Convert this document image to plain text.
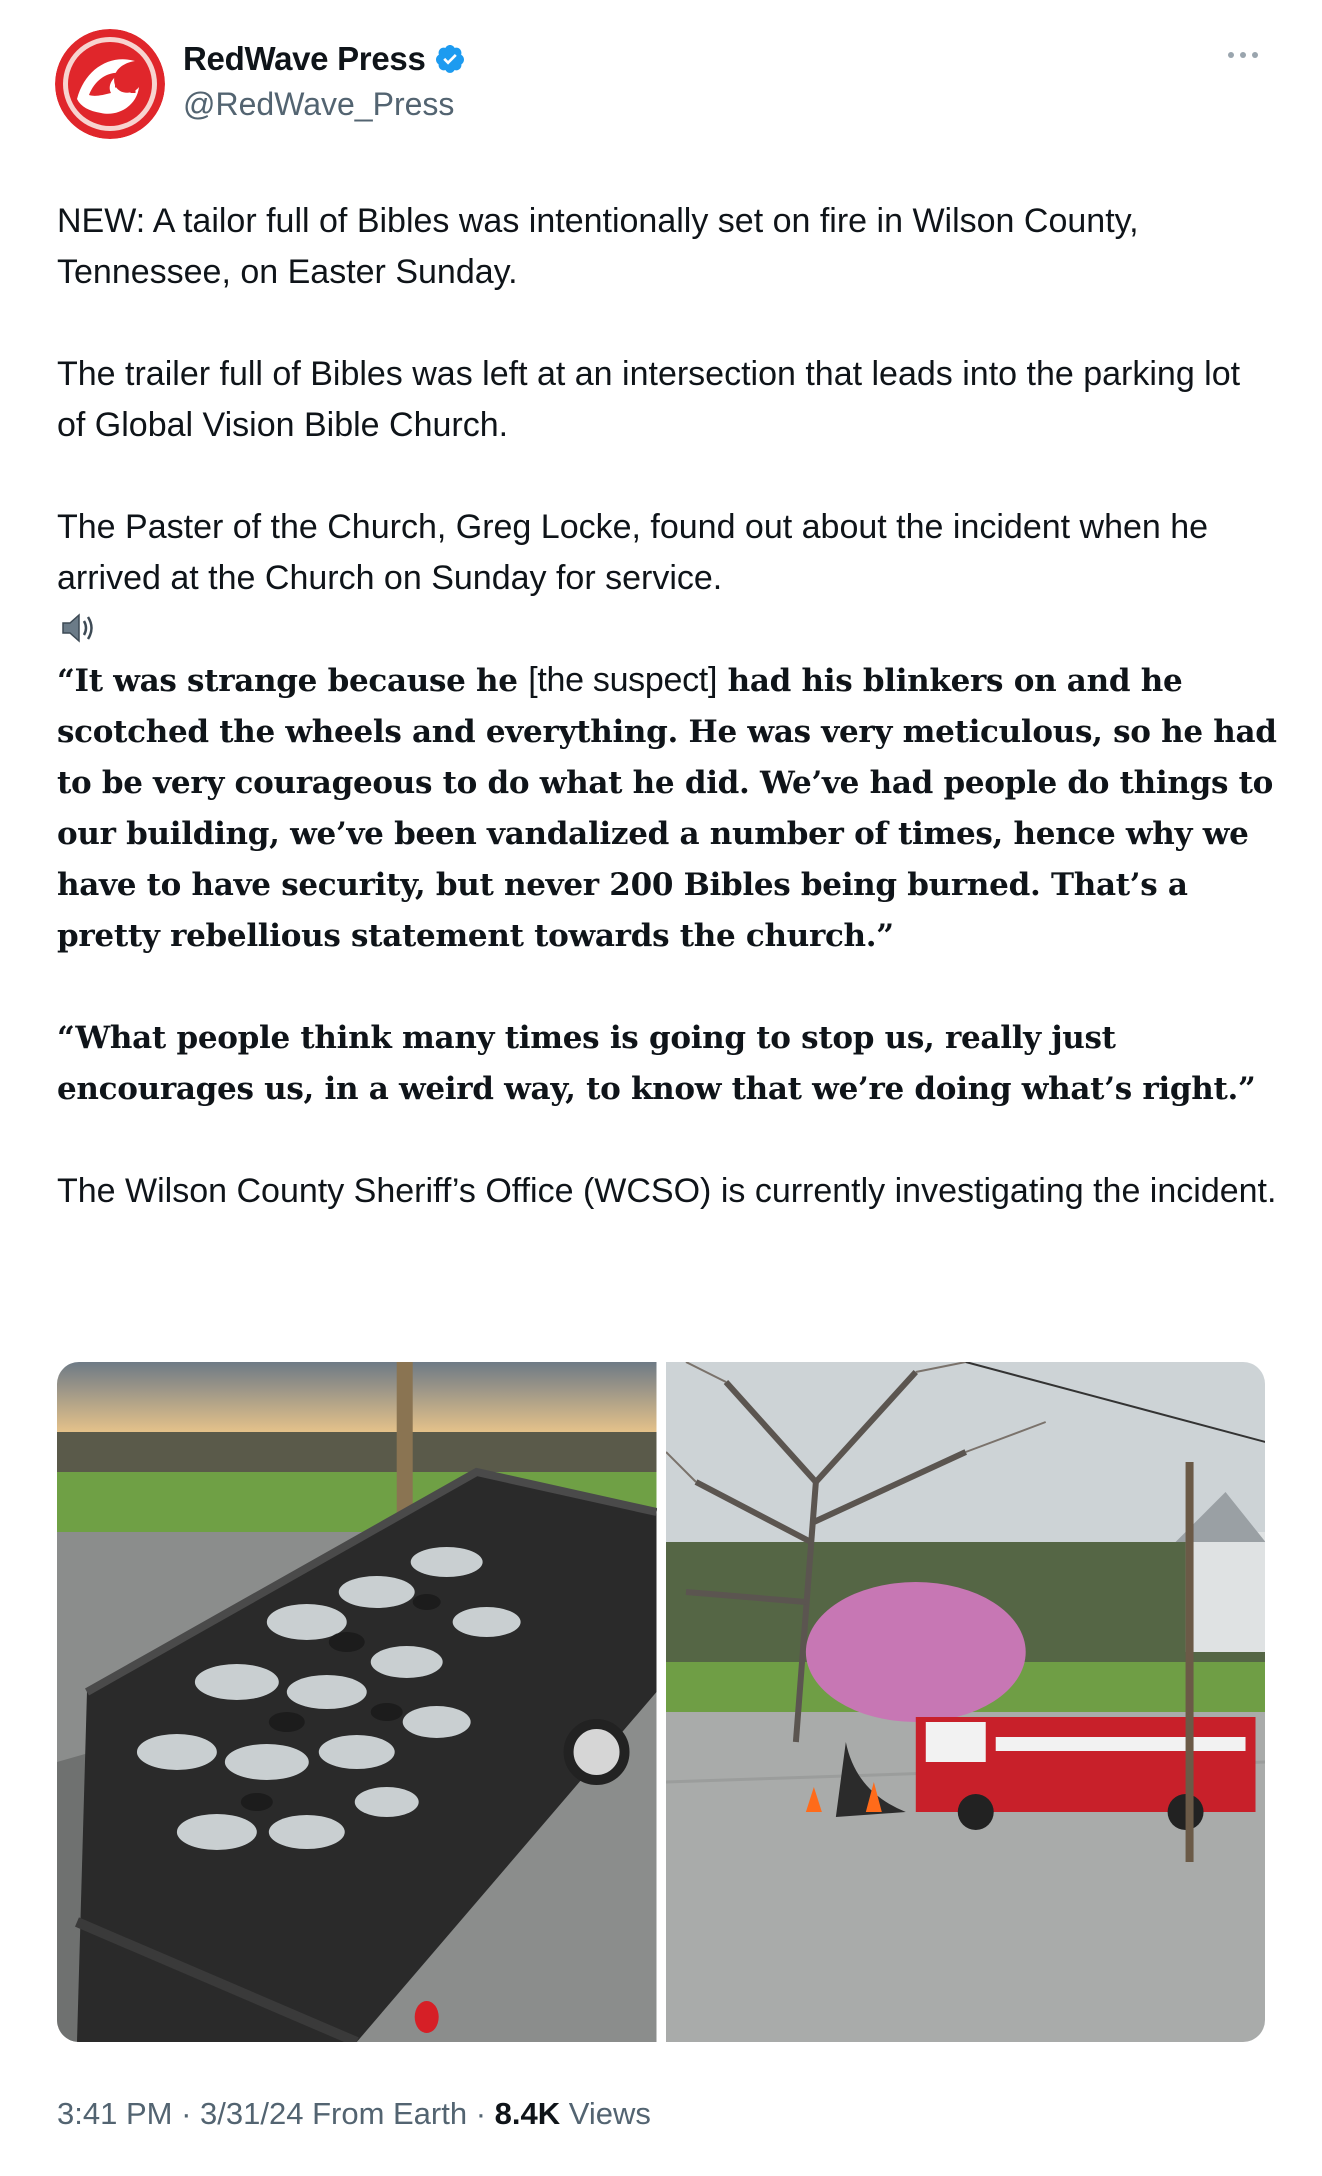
RedWave Press
@RedWave_Press

NEW: A tailor full of Bibles was intentionally set on fire in Wilson County, Tennessee, on Easter Sunday.

The trailer full of Bibles was left at an intersection that leads into the parking lot of Global Vision Bible Church.

The Paster of the Church, Greg Locke, found out about the incident when he arrived at the Church on Sunday for service.

“It was strange because he [the suspect] had his blinkers on and he scotched the wheels and everything. He was very meticulous, so he had to be very courageous to do what he did. We’ve had people do things to our building, we’ve been vandalized a number of times, hence why we have to have security, but never 200 Bibles being burned. That’s a pretty rebellious statement towards the church.”

“What people think many times is going to stop us, really just encourages us, in a weird way, to know that we’re doing what’s right.”

The Wilson County Sheriff’s Office (WCSO) is currently investigating the incident.

3:41 PM · 3/31/24 From Earth · 8.4K Views
